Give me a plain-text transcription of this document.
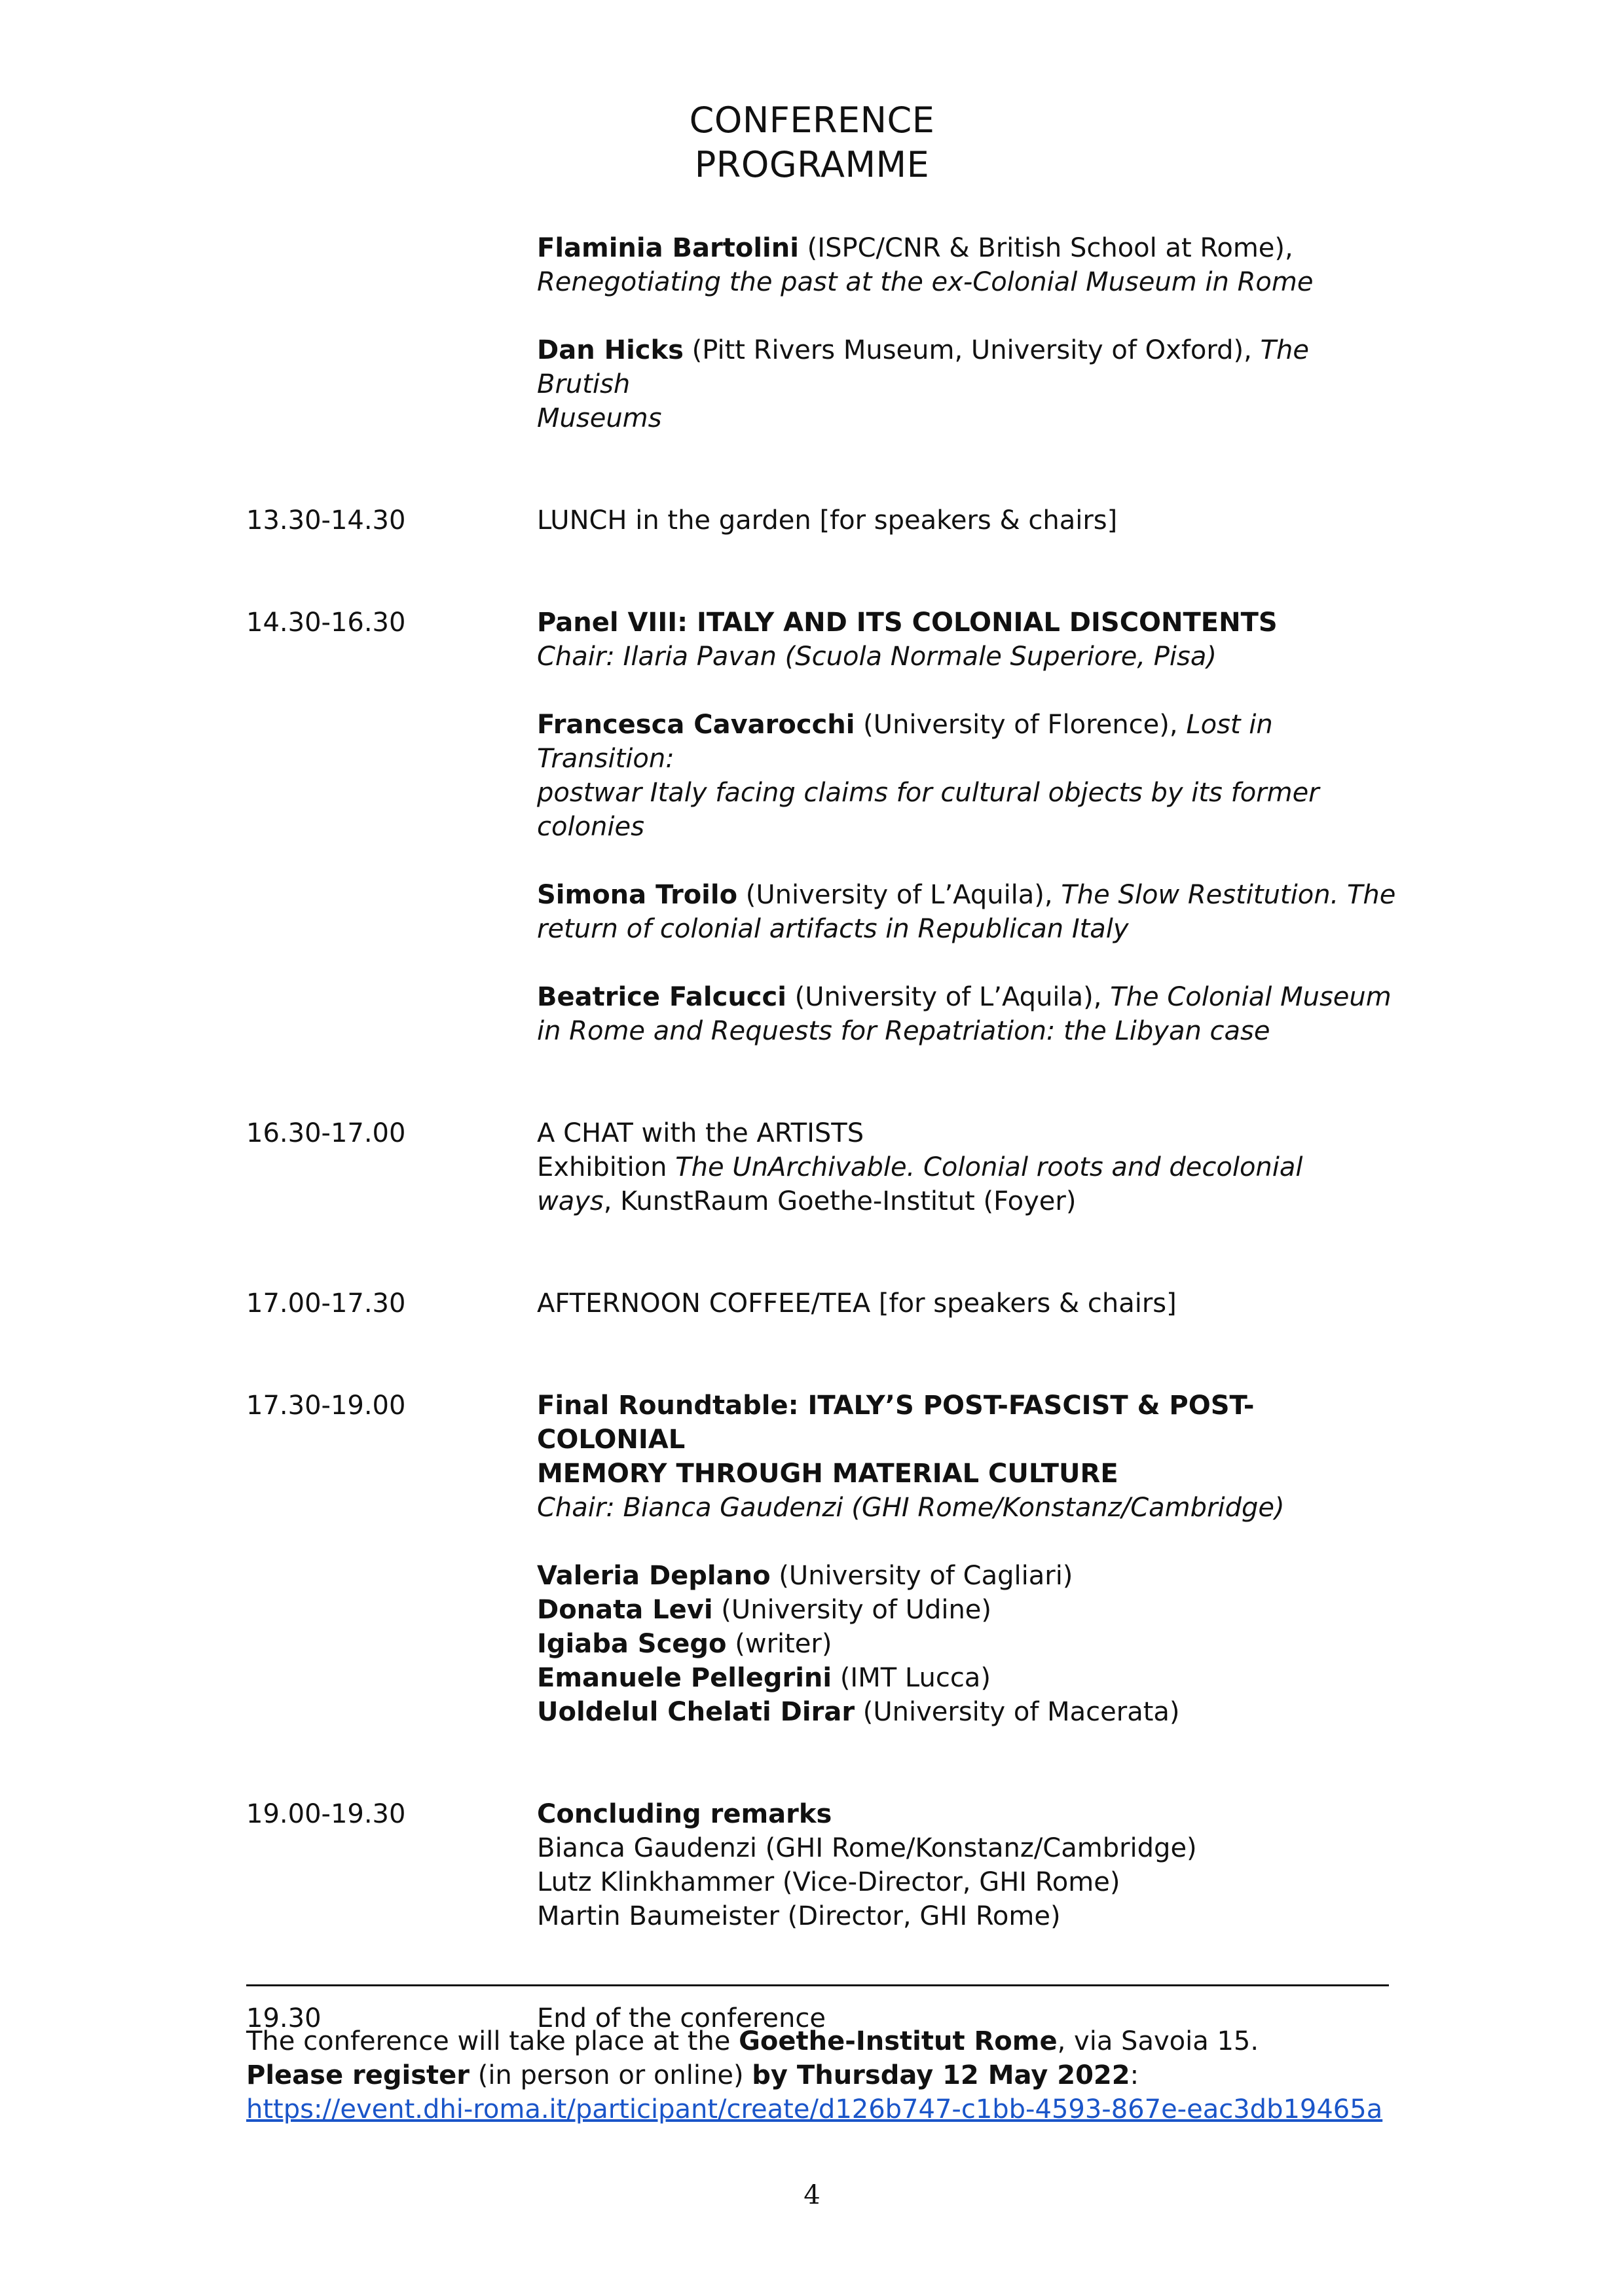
CONFERENCE
PROGRAMME

Flaminia Bartolini (ISPC/CNR & British School at Rome),
Renegotiating the past at the ex-Colonial Museum in Rome

Dan Hicks (Pitt Rivers Museum, University of Oxford), The Brutish
Museums

13.30-14.30	LUNCH in the garden [for speakers & chairs]
14.30-16.30	Panel VIII: ITALY AND ITS COLONIAL DISCONTENTS
Chair: Ilaria Pavan (Scuola Normale Superiore, Pisa)

Francesca Cavarocchi (University of Florence), Lost in Transition:
postwar Italy facing claims for cultural objects by its former
colonies

Simona Troilo (University of L’Aquila), The Slow Restitution. The
return of colonial artifacts in Republican Italy

Beatrice Falcucci (University of L’Aquila), The Colonial Museum
in Rome and Requests for Repatriation: the Libyan case

16.30-17.00	A CHAT with the ARTISTS
Exhibition The UnArchivable. Colonial roots and decolonial
ways, KunstRaum Goethe-Institut (Foyer)

17.00-17.30	AFTERNOON COFFEE/TEA [for speakers & chairs]
17.30-19.00	Final Roundtable: ITALY’S POST-FASCIST & POST-COLONIAL
MEMORY THROUGH MATERIAL CULTURE
Chair: Bianca Gaudenzi (GHI Rome/Konstanz/Cambridge)

Valeria Deplano (University of Cagliari)
Donata Levi (University of Udine)
Igiaba Scego (writer)
Emanuele Pellegrini (IMT Lucca)
Uoldelul Chelati Dirar (University of Macerata)

19.00-19.30	Concluding remarks
Bianca Gaudenzi (GHI Rome/Konstanz/Cambridge)
Lutz Klinkhammer (Vice-Director, GHI Rome)
Martin Baumeister (Director, GHI Rome)

19.30	End of the conference
The conference will take place at the Goethe-Institut Rome, via Savoia 15.
Please register (in person or online) by Thursday 12 May 2022:
https://event.dhi-roma.it/participant/create/d126b747-c1bb-4593-867e-eac3db19465a
4
